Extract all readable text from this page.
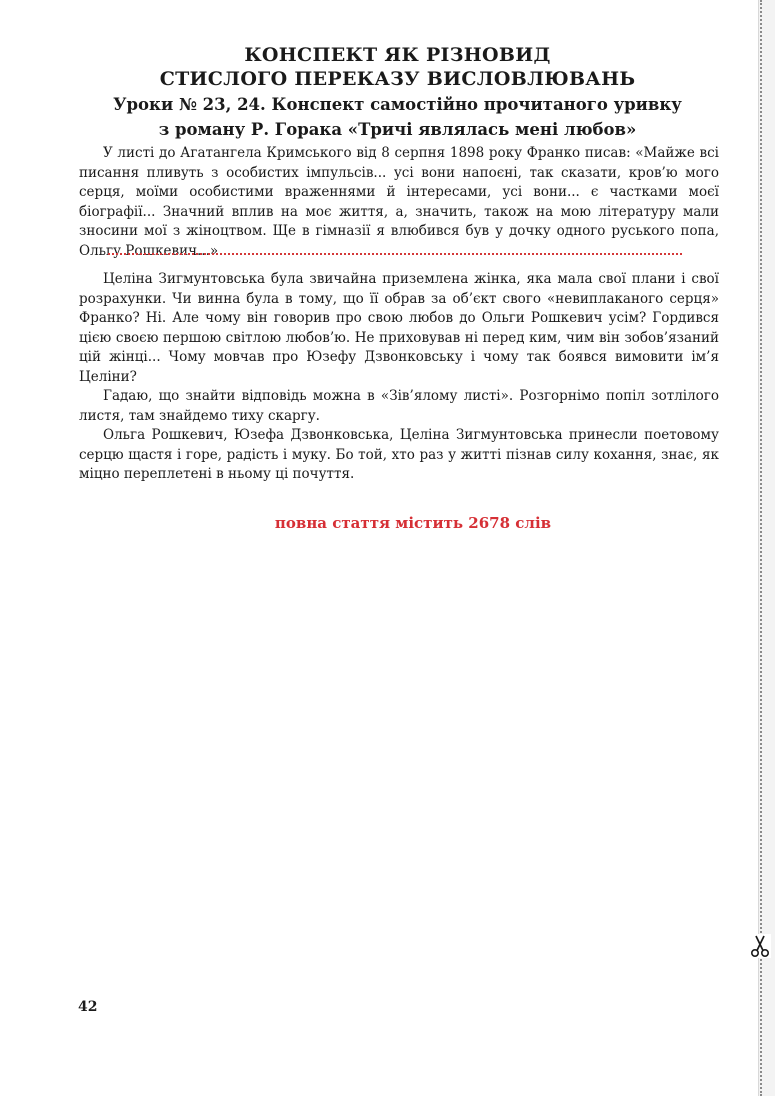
КОНСПЕКТ ЯК РІЗНОВИД
СТИСЛОГО ПЕРЕКАЗУ ВИСЛОВЛЮВАНЬ
Уроки № 23, 24. Конспект самостійно прочитаного уривку
з роману Р. Горака «Тричі являлась мені любов»

У листі до Агатангела Кримського від 8 серпня 1898 року Франко писав: «Майже всі писання пливуть з особистих імпульсів... усі вони напоєні, так сказати, кров’ю мого серця, моїми особистими враженнями й інтересами, усі вони... є частками моєї біографії... Значний вплив на моє життя, а, значить, також на мою літературу мали зносини мої з жіноцтвом. Ще в гімназії я влюбився був у дочку одного руського попа, Ольгу Рошкевич...»

Целіна Зигмунтовська була звичайна приземлена жінка, яка мала свої плани і свої розрахунки. Чи винна була в тому, що її обрав за об’єкт свого «невиплаканого серця» Франко? Ні. Але чому він говорив про свою любов до Ольги Рошкевич усім? Гордився цією своєю першою світлою любов’ю. Не приховував ні перед ким, чим він зобов’язаний цій жінці... Чому мовчав про Юзефу Дзвонковську і чому так боявся вимовити ім’я Целіни?

Гадаю, що знайти відповідь можна в «Зів’ялому листі». Розгорнімо попіл зотлілого листя, там знайдемо тиху скаргу.

Ольга Рошкевич, Юзефа Дзвонковська, Целіна Зигмунтовська принесли поетовому серцю щастя і горе, радість і муку. Бо той, хто раз у житті пізнав силу кохання, знає, як міцно переплетені в ньому ці почуття.

повна стаття містить 2678 слів
42
